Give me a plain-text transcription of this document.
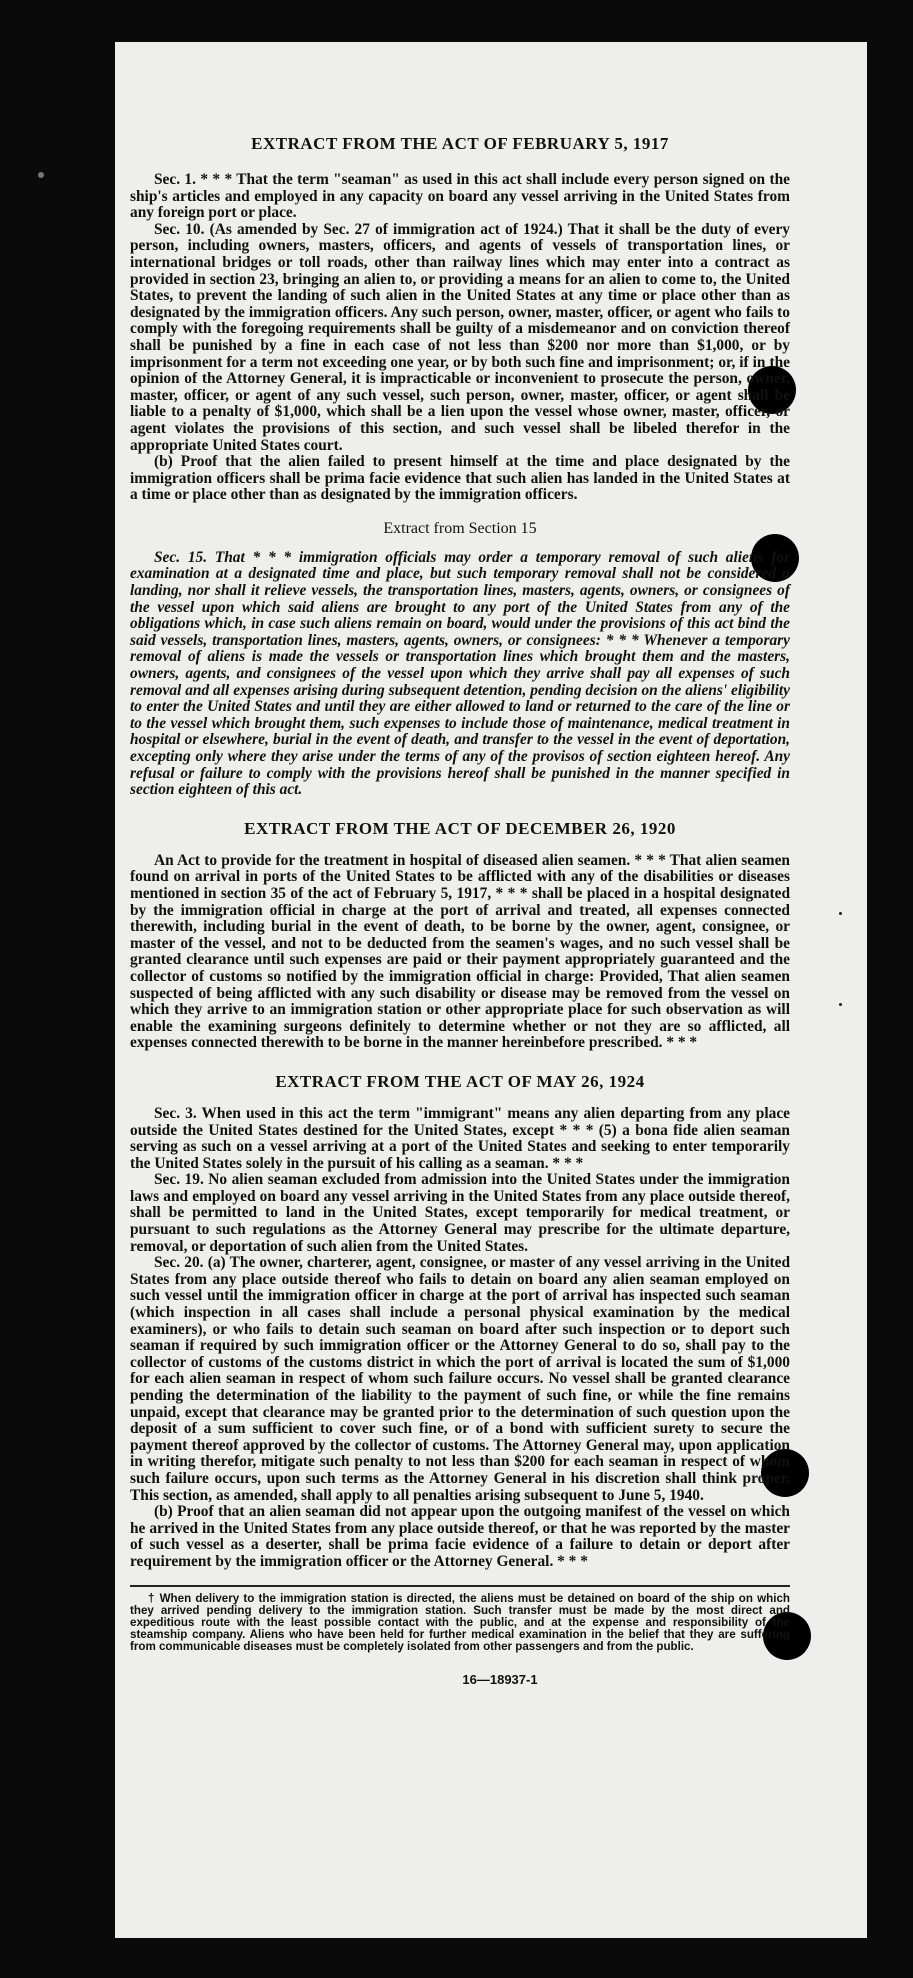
EXTRACT FROM THE ACT OF FEBRUARY 5, 1917

Sec. 1. * * * That the term "seaman" as used in this act shall include every person signed on the ship's articles and employed in any capacity on board any vessel arriving in the United States from any foreign port or place.

Sec. 10. (As amended by Sec. 27 of immigration act of 1924.) That it shall be the duty of every person, including owners, masters, officers, and agents of vessels of transportation lines, or international bridges or toll roads, other than railway lines which may enter into a contract as provided in section 23, bringing an alien to, or providing a means for an alien to come to, the United States, to prevent the landing of such alien in the United States at any time or place other than as designated by the immigration officers. Any such person, owner, master, officer, or agent who fails to comply with the foregoing requirements shall be guilty of a misdemeanor and on conviction thereof shall be punished by a fine in each case of not less than $200 nor more than $1,000, or by imprisonment for a term not exceeding one year, or by both such fine and imprisonment; or, if in the opinion of the Attorney General, it is impracticable or inconvenient to prosecute the person, owner, master, officer, or agent of any such vessel, such person, owner, master, officer, or agent shall be liable to a penalty of $1,000, which shall be a lien upon the vessel whose owner, master, officer, or agent violates the provisions of this section, and such vessel shall be libeled therefor in the appropriate United States court.

(b) Proof that the alien failed to present himself at the time and place designated by the immigration officers shall be prima facie evidence that such alien has landed in the United States at a time or place other than as designated by the immigration officers.

Extract from Section 15

Sec. 15. That * * * immigration officials may order a temporary removal of such aliens for examination at a designated time and place, but such temporary removal shall not be considered a landing, nor shall it relieve vessels, the transportation lines, masters, agents, owners, or consignees of the vessel upon which said aliens are brought to any port of the United States from any of the obligations which, in case such aliens remain on board, would under the provisions of this act bind the said vessels, transportation lines, masters, agents, owners, or consignees: * * * Whenever a temporary removal of aliens is made the vessels or transportation lines which brought them and the masters, owners, agents, and consignees of the vessel upon which they arrive shall pay all expenses of such removal and all expenses arising during subsequent detention, pending decision on the aliens' eligibility to enter the United States and until they are either allowed to land or returned to the care of the line or to the vessel which brought them, such expenses to include those of maintenance, medical treatment in hospital or elsewhere, burial in the event of death, and transfer to the vessel in the event of deportation, excepting only where they arise under the terms of any of the provisos of section eighteen hereof. Any refusal or failure to comply with the provisions hereof shall be punished in the manner specified in section eighteen of this act.

EXTRACT FROM THE ACT OF DECEMBER 26, 1920

An Act to provide for the treatment in hospital of diseased alien seamen. * * * That alien seamen found on arrival in ports of the United States to be afflicted with any of the disabilities or diseases mentioned in section 35 of the act of February 5, 1917, * * * shall be placed in a hospital designated by the immigration official in charge at the port of arrival and treated, all expenses connected therewith, including burial in the event of death, to be borne by the owner, agent, consignee, or master of the vessel, and not to be deducted from the seamen's wages, and no such vessel shall be granted clearance until such expenses are paid or their payment appropriately guaranteed and the collector of customs so notified by the immigration official in charge: Provided, That alien seamen suspected of being afflicted with any such disability or disease may be removed from the vessel on which they arrive to an immigration station or other appropriate place for such observation as will enable the examining surgeons definitely to determine whether or not they are so afflicted, all expenses connected therewith to be borne in the manner hereinbefore prescribed. * * *

EXTRACT FROM THE ACT OF MAY 26, 1924

Sec. 3. When used in this act the term "immigrant" means any alien departing from any place outside the United States destined for the United States, except * * * (5) a bona fide alien seaman serving as such on a vessel arriving at a port of the United States and seeking to enter temporarily the United States solely in the pursuit of his calling as a seaman. * * *

Sec. 19. No alien seaman excluded from admission into the United States under the immigration laws and employed on board any vessel arriving in the United States from any place outside thereof, shall be permitted to land in the United States, except temporarily for medical treatment, or pursuant to such regulations as the Attorney General may prescribe for the ultimate departure, removal, or deportation of such alien from the United States.

Sec. 20. (a) The owner, charterer, agent, consignee, or master of any vessel arriving in the United States from any place outside thereof who fails to detain on board any alien seaman employed on such vessel until the immigration officer in charge at the port of arrival has inspected such seaman (which inspection in all cases shall include a personal physical examination by the medical examiners), or who fails to detain such seaman on board after such inspection or to deport such seaman if required by such immigration officer or the Attorney General to do so, shall pay to the collector of customs of the customs district in which the port of arrival is located the sum of $1,000 for each alien seaman in respect of whom such failure occurs. No vessel shall be granted clearance pending the determination of the liability to the payment of such fine, or while the fine remains unpaid, except that clearance may be granted prior to the determination of such question upon the deposit of a sum sufficient to cover such fine, or of a bond with sufficient surety to secure the payment thereof approved by the collector of customs. The Attorney General may, upon application in writing therefor, mitigate such penalty to not less than $200 for each seaman in respect of whom such failure occurs, upon such terms as the Attorney General in his discretion shall think proper. This section, as amended, shall apply to all penalties arising subsequent to June 5, 1940.

(b) Proof that an alien seaman did not appear upon the outgoing manifest of the vessel on which he arrived in the United States from any place outside thereof, or that he was reported by the master of such vessel as a deserter, shall be prima facie evidence of a failure to detain or deport after requirement by the immigration officer or the Attorney General. * * *

† When delivery to the immigration station is directed, the aliens must be detained on board of the ship on which they arrived pending delivery to the immigration station. Such transfer must be made by the most direct and expeditious route with the least possible contact with the public, and at the expense and responsibility of the steamship company. Aliens who have been held for further medical examination in the belief that they are suffering from communicable diseases must be completely isolated from other passengers and from the public.

16—18937-1
